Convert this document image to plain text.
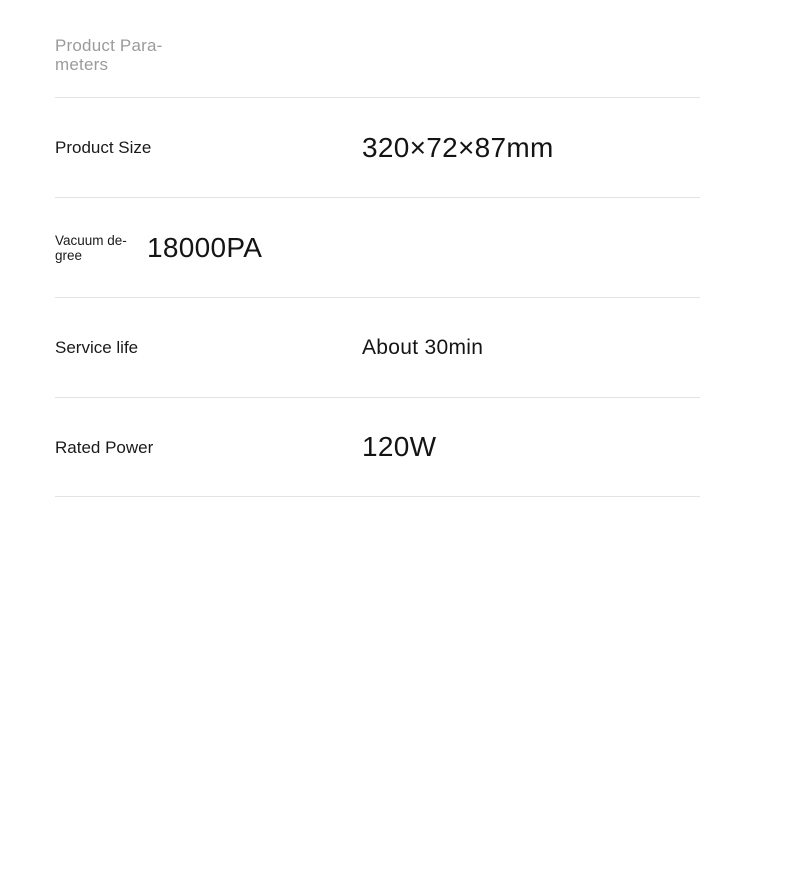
Product Para-
meters
Product Size	320×72×87mm
Vacuum de-
gree	18000PA
Service life	About 30min
Rated Power	120W
